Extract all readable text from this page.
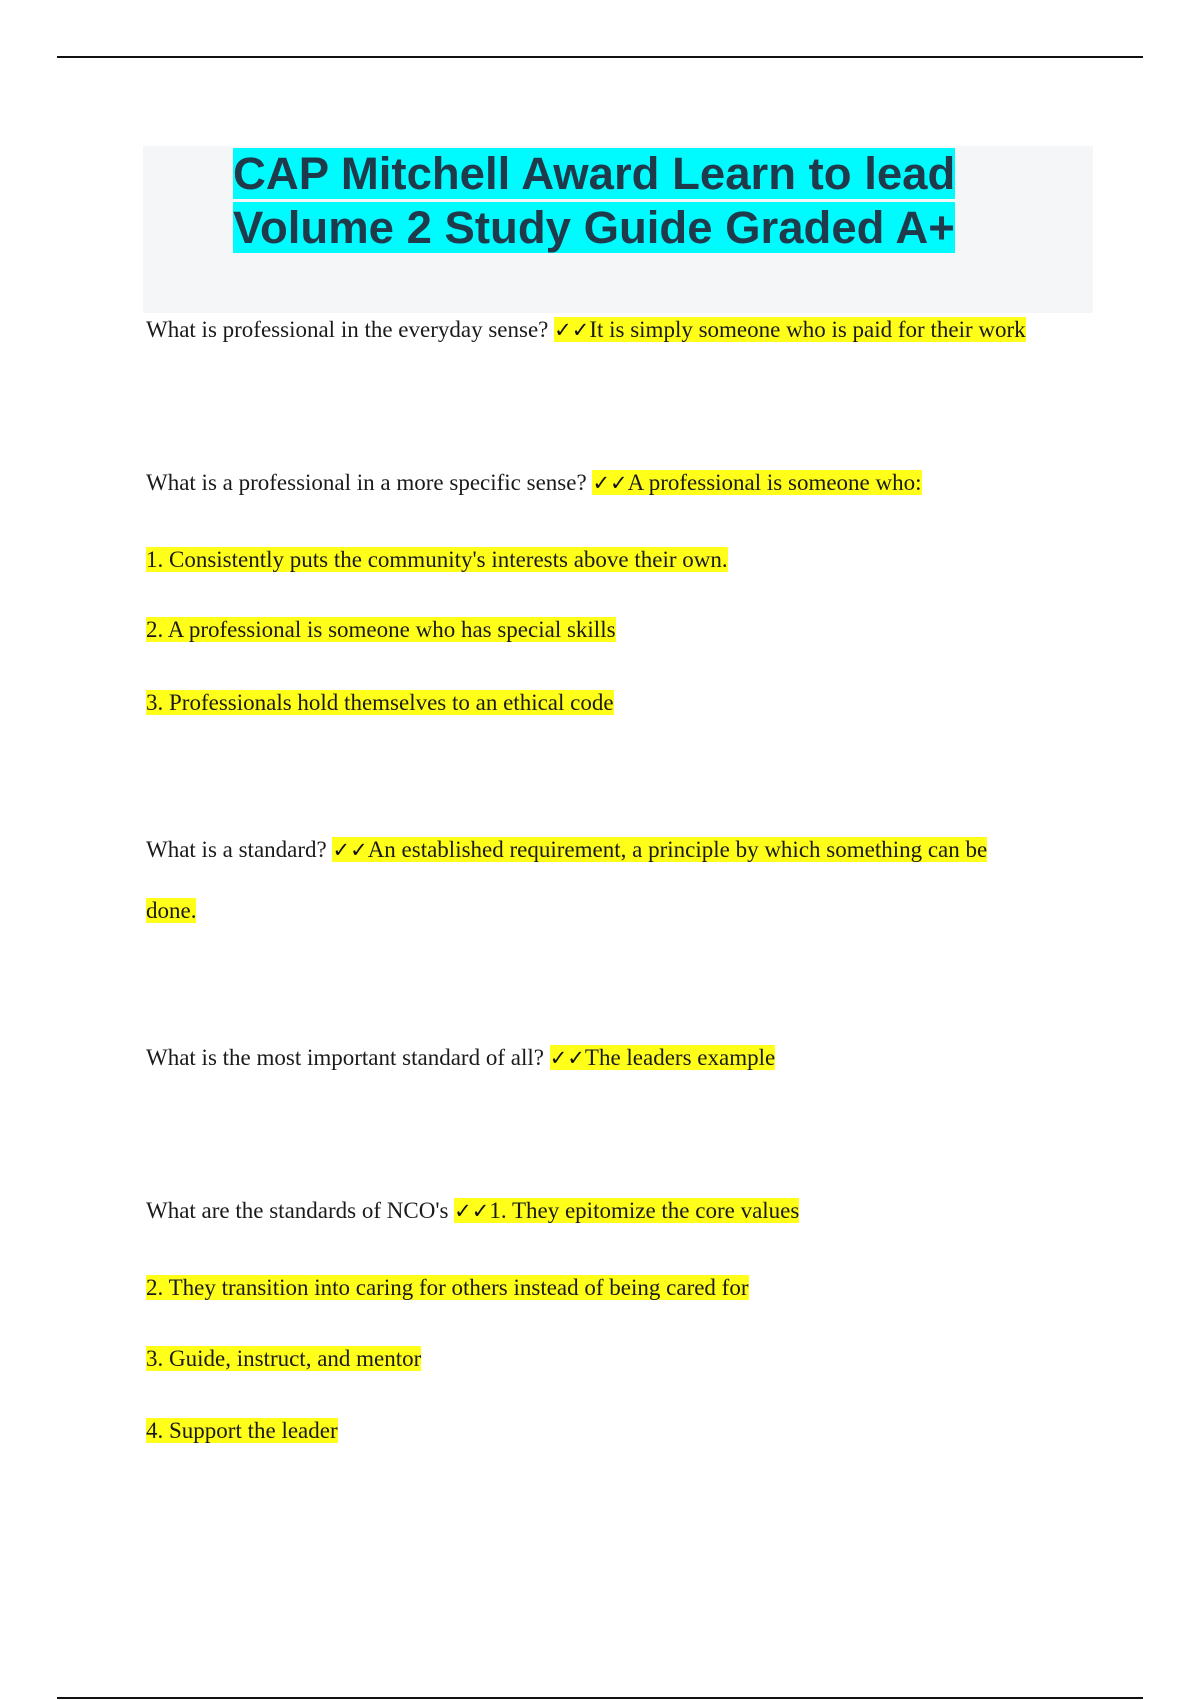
CAP Mitchell Award Learn to lead
Volume 2 Study Guide Graded A+

What is professional in the everyday sense? ✓✓It is simply someone who is paid for their work

What is a professional in a more specific sense? ✓✓A professional is someone who:

1. Consistently puts the community's interests above their own.

2. A professional is someone who has special skills

3. Professionals hold themselves to an ethical code

What is a standard? ✓✓An established requirement, a principle by which something can be

done.

What is the most important standard of all? ✓✓The leaders example

What are the standards of NCO's ✓✓1. They epitomize the core values

2. They transition into caring for others instead of being cared for

3. Guide, instruct, and mentor

4. Support the leader
